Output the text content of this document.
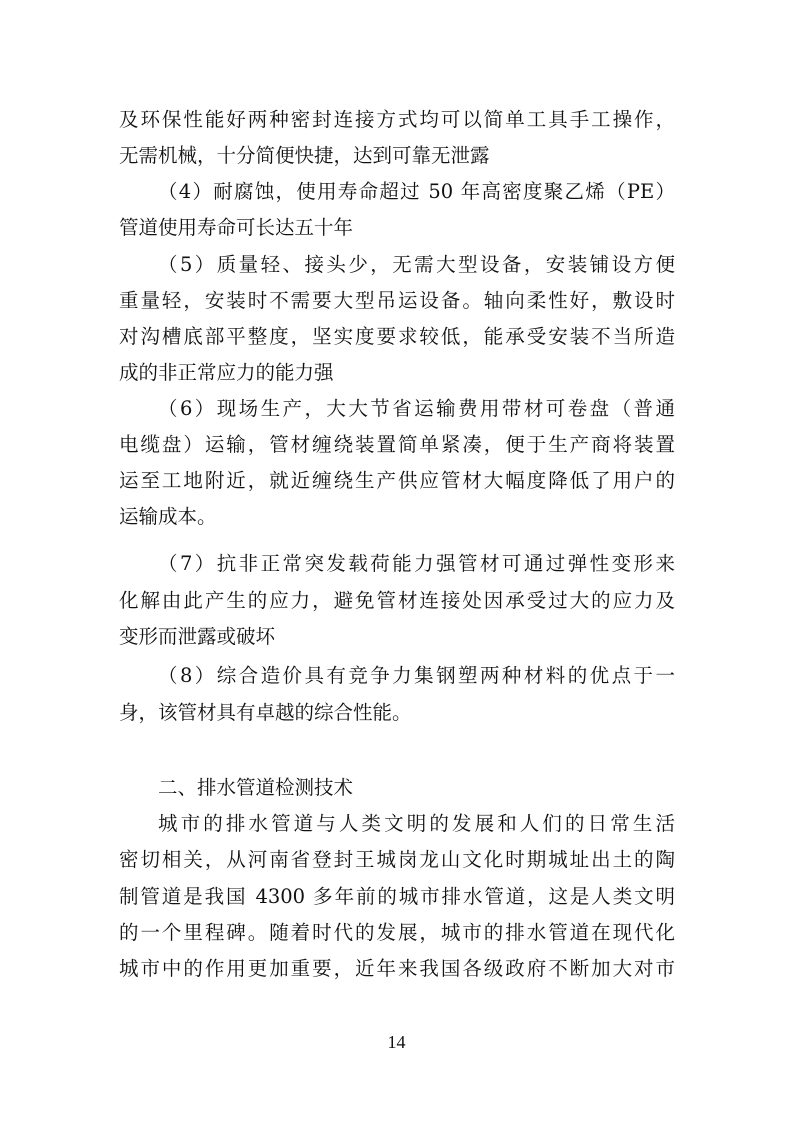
及环保性能好两种密封连接方式均可以简单工具手工操作，

无需机械，十分简便快捷，达到可靠无泄露

（4）耐腐蚀，使用寿命超过 50 年高密度聚乙烯（PE）

管道使用寿命可长达五十年

（5）质量轻、接头少，无需大型设备，安装铺设方便

重量轻，安装时不需要大型吊运设备。轴向柔性好，敷设时

对沟槽底部平整度，坚实度要求较低，能承受安装不当所造

成的非正常应力的能力强

（6）现场生产，大大节省运输费用带材可卷盘（普通

电缆盘）运输，管材缠绕装置简单紧凑，便于生产商将装置

运至工地附近，就近缠绕生产供应管材大幅度降低了用户的

运输成本。

（7）抗非正常突发载荷能力强管材可通过弹性变形来

化解由此产生的应力，避免管材连接处因承受过大的应力及

变形而泄露或破坏

（8）综合造价具有竞争力集钢塑两种材料的优点于一

身，该管材具有卓越的综合性能。

二、排水管道检测技术

城市的排水管道与人类文明的发展和人们的日常生活

密切相关，从河南省登封王城岗龙山文化时期城址出土的陶

制管道是我国 4300 多年前的城市排水管道，这是人类文明

的一个里程碑。随着时代的发展，城市的排水管道在现代化

城市中的作用更加重要，近年来我国各级政府不断加大对市

14
